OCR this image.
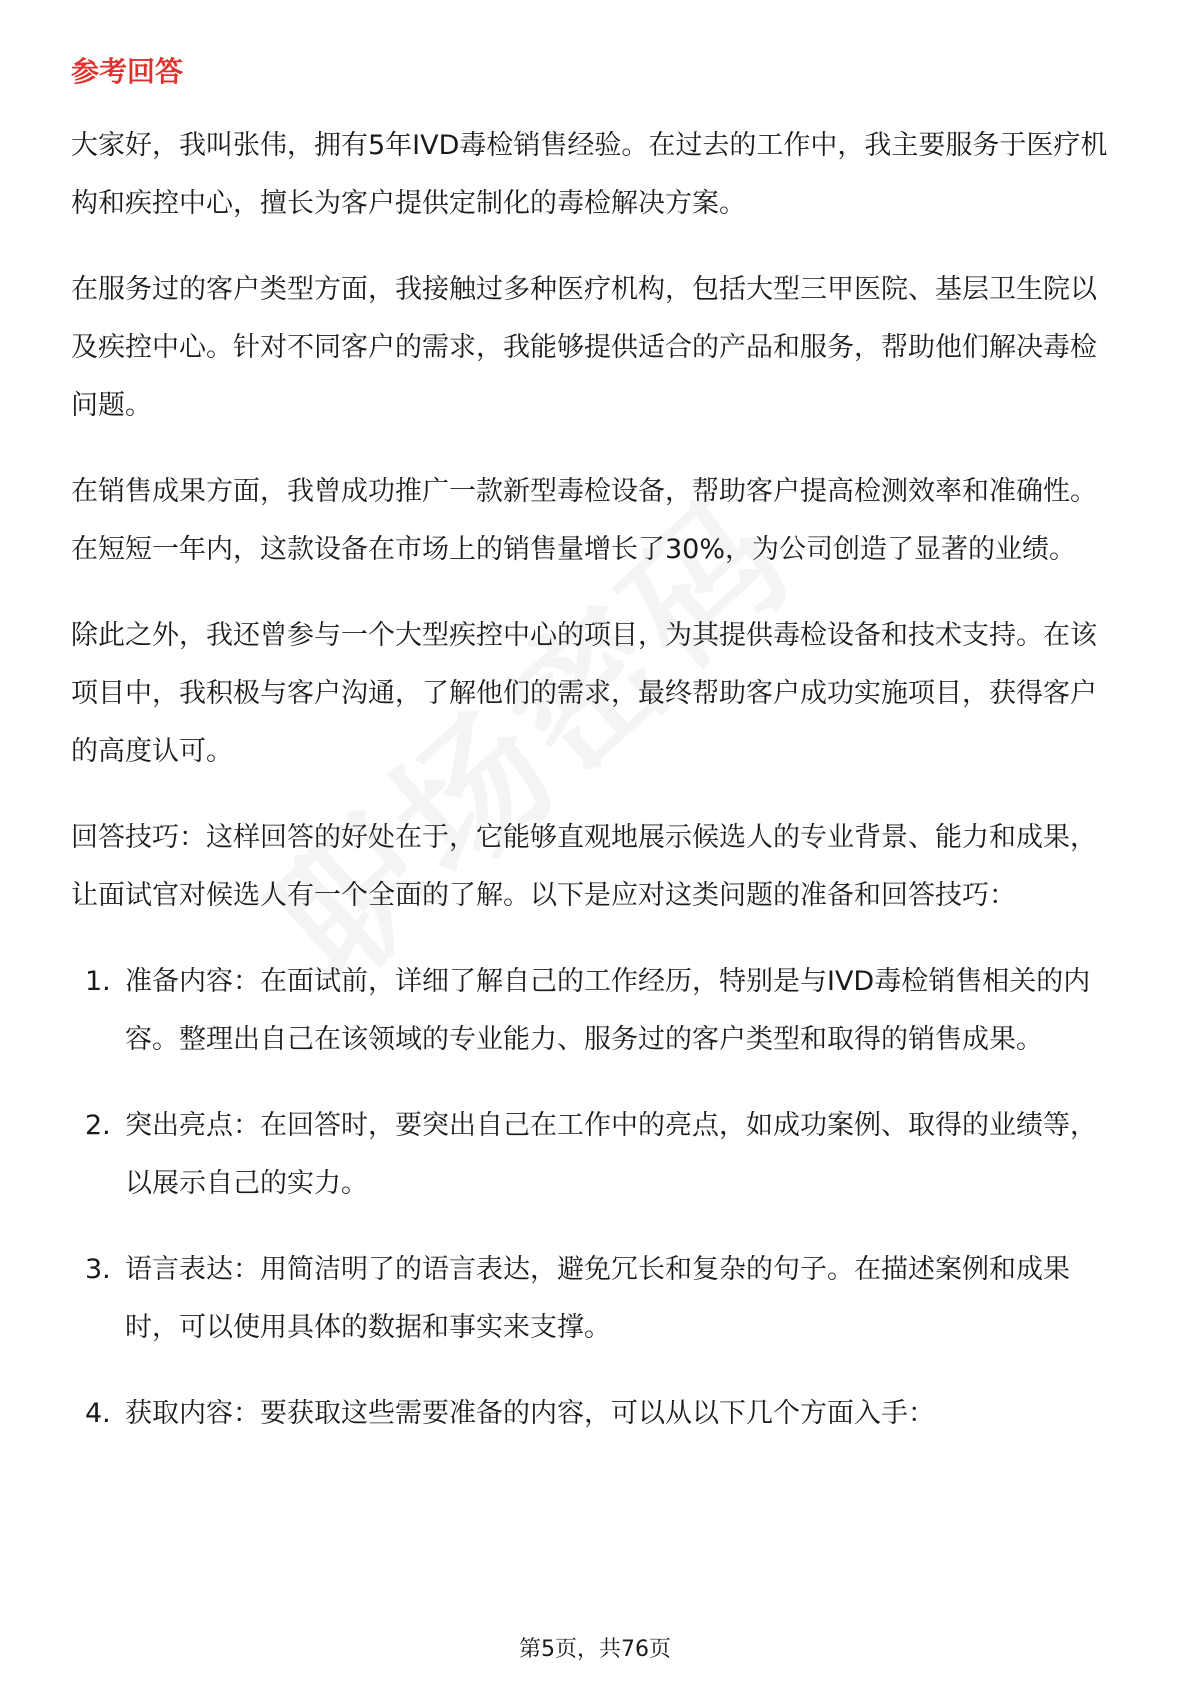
参考回答

大家好，我叫张伟，拥有5年IVD毒检销售经验。在过去的工作中，我主要服务于医疗机构和疾控中心，擅长为客户提供定制化的毒检解决方案。

在服务过的客户类型方面，我接触过多种医疗机构，包括大型三甲医院、基层卫生院以及疾控中心。针对不同客户的需求，我能够提供适合的产品和服务，帮助他们解决毒检问题。

在销售成果方面，我曾成功推广一款新型毒检设备，帮助客户提高检测效率和准确性。在短短一年内，这款设备在市场上的销售量增长了30%，为公司创造了显著的业绩。

除此之外，我还曾参与一个大型疾控中心的项目，为其提供毒检设备和技术支持。在该项目中，我积极与客户沟通，了解他们的需求，最终帮助客户成功实施项目，获得客户的高度认可。

回答技巧：这样回答的好处在于，它能够直观地展示候选人的专业背景、能力和成果，让面试官对候选人有一个全面的了解。以下是应对这类问题的准备和回答技巧：

1. 准备内容：在面试前，详细了解自己的工作经历，特别是与IVD毒检销售相关的内容。整理出自己在该领域的专业能力、服务过的客户类型和取得的销售成果。
2. 突出亮点：在回答时，要突出自己在工作中的亮点，如成功案例、取得的业绩等，以展示自己的实力。
3. 语言表达：用简洁明了的语言表达，避免冗长和复杂的句子。在描述案例和成果时，可以使用具体的数据和事实来支撑。
4. 获取内容：要获取这些需要准备的内容，可以从以下几个方面入手：
第5页，共76页
